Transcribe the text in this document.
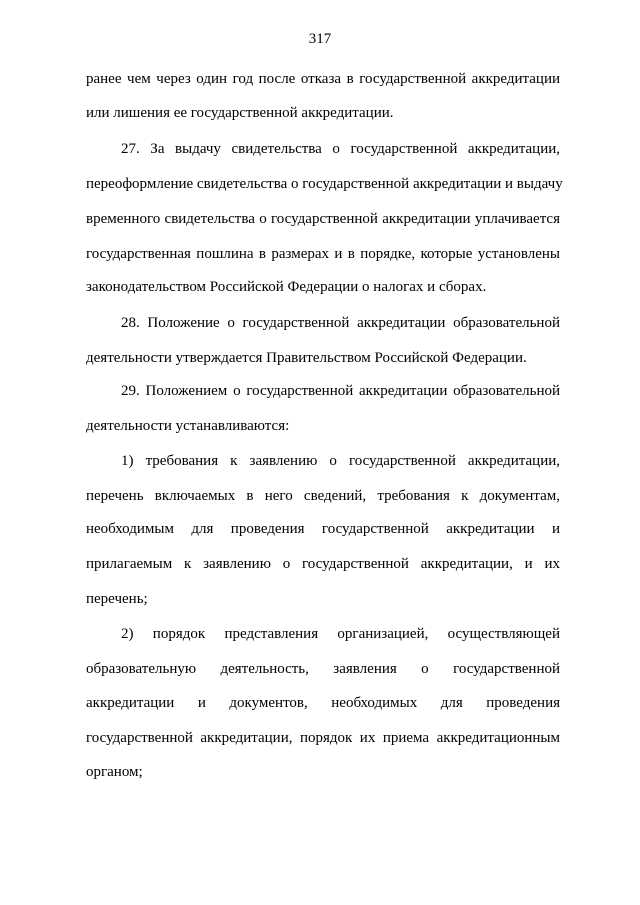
317
ранее чем через один год после отказа в государственной аккредитации
или лишения ее государственной аккредитации.
27. За выдачу свидетельства о государственной аккредитации,
переоформление свидетельства о государственной аккредитации и выдачу
временного свидетельства о государственной аккредитации уплачивается
государственная пошлина в размерах и в порядке, которые установлены
законодательством Российской Федерации о налогах и сборах.
28. Положение о государственной аккредитации образовательной
деятельности утверждается Правительством Российской Федерации.
29. Положением о государственной аккредитации образовательной
деятельности устанавливаются:
1) требования к заявлению о государственной аккредитации,
перечень включаемых в него сведений, требования к документам,
необходимым для проведения государственной аккредитации и
прилагаемым к заявлению о государственной аккредитации, и их
перечень;
2) порядок представления организацией, осуществляющей
образовательную деятельность, заявления о государственной
аккредитации и документов, необходимых для проведения
государственной аккредитации, порядок их приема аккредитационным
органом;
